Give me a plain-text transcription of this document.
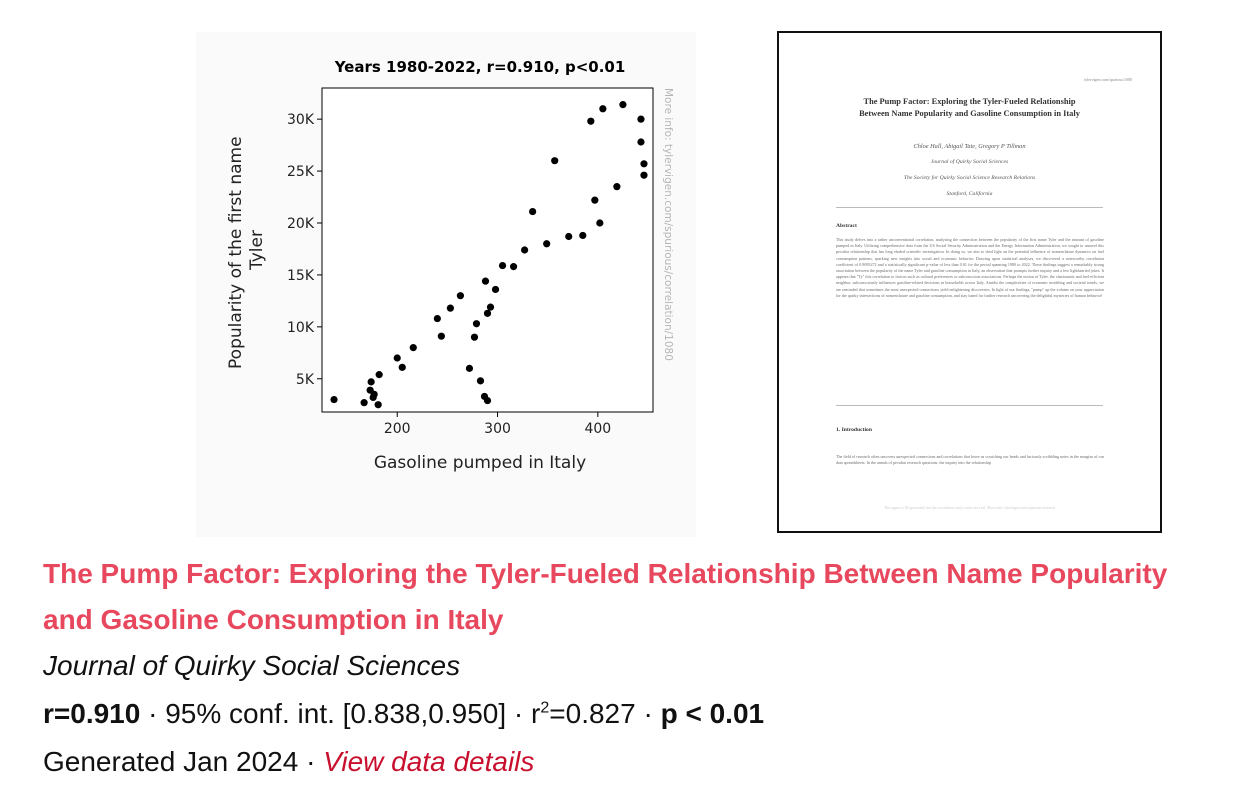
Years 1980-2022, r=0.910, p<0.01
200	300	400
5K
10K
15K
20K
25K
30K
Gasoline pumped in Italy
Popularity of the first name Tyler	More info: tylervigen.com/spurious/correlation/1080
tylervigen.com/spurious/1080
The Pump Factor: Exploring the Tyler-Fueled Relationship
Between Name Popularity and Gasoline Consumption in Italy
Chloe Hall, Abigail Tate, Gregory P Tillman
Journal of Quirky Social Sciences
The Society for Quirky Social Science Research Relations
Stanford, California
Abstract
This study delves into a rather unconventional correlation, analyzing the connection between the popularity of the first name Tyler and the amount of gasoline pumped in Italy. Utilizing comprehensive data from the US Social Security Administration and the Energy Information Administration, we sought to unravel this peculiar relationship that has long eluded scientific investigation. In doing so, we aim to shed light on the potential influence of nomenclature dynamics on fuel consumption patterns, sparking new insights into social and economic behavior. Drawing upon statistical analyses, we discovered a noteworthy correlation coefficient of 0.9095272 and a statistically significant p-value of less than 0.01 for the period spanning 1980 to 2022. These findings suggest a remarkably strong association between the popularity of the name Tyler and gasoline consumption in Italy, an observation that prompts further inquiry and a few lighthearted jokes. It appears that "Ty" this correlation to factors such as cultural preferences or subconscious associations. Perhaps the notion of Tyler, the charismatic and fuel-efficient neighbor, subconsciously influences gasoline-related decisions in households across Italy. Amidst the complexities of economic modeling and societal trends, we are reminded that sometimes the most unexpected connections yield enlightening discoveries. In light of our findings, "pump" up the volume on your appreciation for the quirky intersections of nomenclature and gasoline consumption, and stay tuned for further research uncovering the delightful mysteries of human behavior!
1. Introduction
The field of research often uncovers unexpected connections and correlations that leave us scratching our heads and furiously scribbling notes in the margins of our data spreadsheets. In the annals of peculiar research questions, the inquiry into the relationship
This paper is AI-generated, but the correlation and p-value are real. More info: tylervigen.com/spurious-research
The Pump Factor: Exploring the Tyler-Fueled Relationship Between Name Popularity and Gasoline Consumption in Italy
Journal of Quirky Social Sciences
r=0.910 · 95% conf. int. $[0.838,0.950] \cdot r^2=0.827 \cdot p < 0.01$
Generated Jan 2024 · View data details
